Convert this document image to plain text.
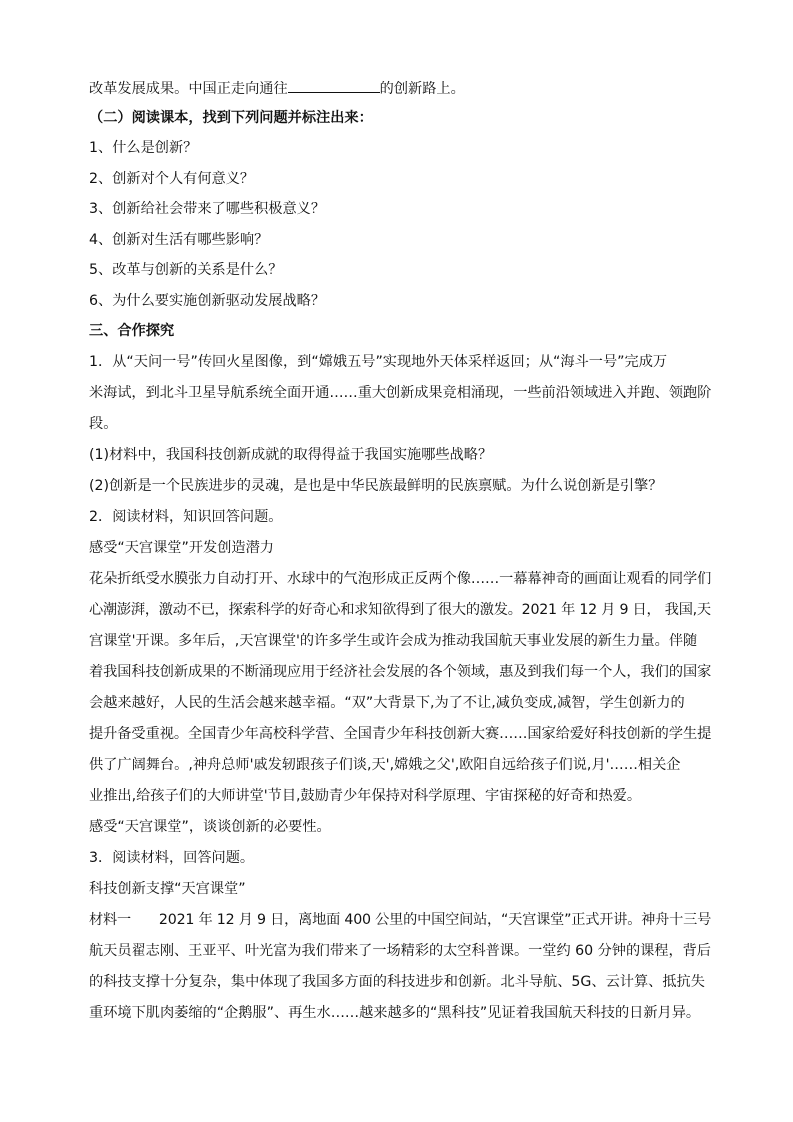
改革发展成果。中国正走向通往	的创新路上。
（二）阅读课本，找到下列问题并标注出来：
1、什么是创新？
2、创新对个人有何意义？
3、创新给社会带来了哪些积极意义？
4、创新对生活有哪些影响？
5、改革与创新的关系是什么？
6、为什么要实施创新驱动发展战略？
三、合作探究
1．从“天问一号”传回火星图像，到“嫦娥五号”实现地外天体采样返回；从“海斗一号”完成万
米海试，到北斗卫星导航系统全面开通……重大创新成果竞相涌现，一些前沿领域进入并跑、领跑阶
段。
(1)材料中，我国科技创新成就的取得得益于我国实施哪些战略？
(2)创新是一个民族进步的灵魂，是也是中华民族最鲜明的民族禀赋。为什么说创新是引擎？
2．阅读材料，知识回答问题。
感受“天宫课堂”开发创造潜力
花朵折纸受水膜张力自动打开、水球中的气泡形成正反两个像……一幕幕神奇的画面让观看的同学们
心潮澎湃，激动不已，探索科学的好奇心和求知欲得到了很大的激发。2021 年 12 月 9 日， 我国,天
宫课堂'开课。多年后，,天宫课堂'的许多学生或许会成为推动我国航天事业发展的新生力量。伴随
着我国科技创新成果的不断涌现应用于经济社会发展的各个领域，惠及到我们每一个人，我们的国家
会越来越好，人民的生活会越来越幸福。“双”大背景下,为了不让,减负变成,减智，学生创新力的
提升备受重视。全国青少年高校科学营、全国青少年科技创新大赛……国家给爱好科技创新的学生提
供了广阔舞台。,神舟总师'戚发轫跟孩子们谈,天',嫦娥之父',欧阳自远给孩子们说,月'……相关企
业推出,给孩子们的大师讲堂'节目,鼓励青少年保持对科学原理、宇宙探秘的好奇和热爱。
感受“天宫课堂”，谈谈创新的必要性。
3．阅读材料，回答问题。
科技创新支撑“天宫课堂”
材料一　　2021 年 12 月 9 日，离地面 400 公里的中国空间站，“天宫课堂”正式开讲。神舟十三号
航天员翟志刚、王亚平、叶光富为我们带来了一场精彩的太空科普课。一堂约 60 分钟的课程，背后
的科技支撑十分复杂，集中体现了我国多方面的科技进步和创新。北斗导航、5G、云计算、抵抗失
重环境下肌肉萎缩的“企鹅服”、再生水……越来越多的“黑科技”见证着我国航天科技的日新月异。
